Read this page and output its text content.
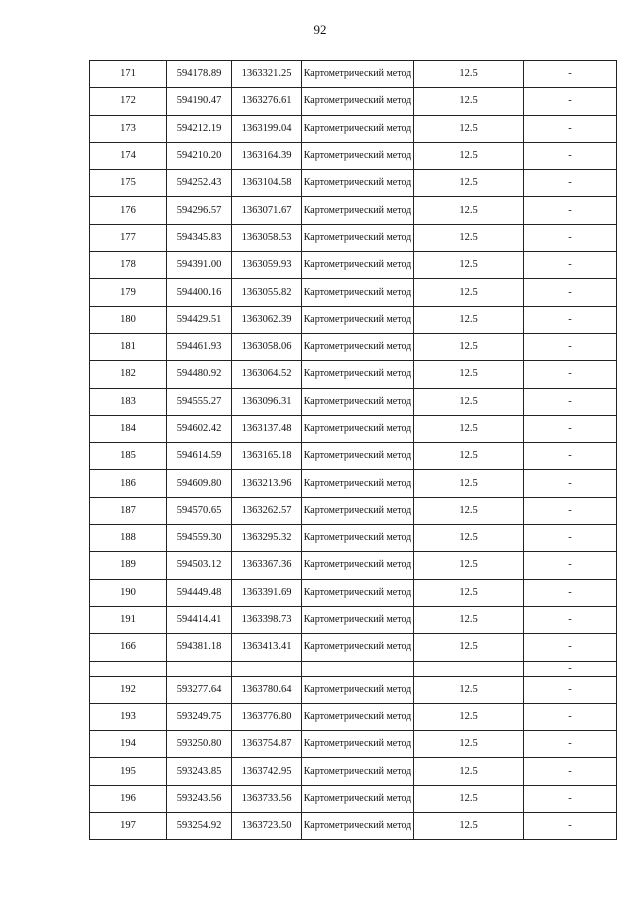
92
171	594178.89	1363321.25	Картометрический метод	12.5	-
172	594190.47	1363276.61	Картометрический метод	12.5	-
173	594212.19	1363199.04	Картометрический метод	12.5	-
174	594210.20	1363164.39	Картометрический метод	12.5	-
175	594252.43	1363104.58	Картометрический метод	12.5	-
176	594296.57	1363071.67	Картометрический метод	12.5	-
177	594345.83	1363058.53	Картометрический метод	12.5	-
178	594391.00	1363059.93	Картометрический метод	12.5	-
179	594400.16	1363055.82	Картометрический метод	12.5	-
180	594429.51	1363062.39	Картометрический метод	12.5	-
181	594461.93	1363058.06	Картометрический метод	12.5	-
182	594480.92	1363064.52	Картометрический метод	12.5	-
183	594555.27	1363096.31	Картометрический метод	12.5	-
184	594602.42	1363137.48	Картометрический метод	12.5	-
185	594614.59	1363165.18	Картометрический метод	12.5	-
186	594609.80	1363213.96	Картометрический метод	12.5	-
187	594570.65	1363262.57	Картометрический метод	12.5	-
188	594559.30	1363295.32	Картометрический метод	12.5	-
189	594503.12	1363367.36	Картометрический метод	12.5	-
190	594449.48	1363391.69	Картометрический метод	12.5	-
191	594414.41	1363398.73	Картометрический метод	12.5	-
166	594381.18	1363413.41	Картометрический метод	12.5	-
					-
192	593277.64	1363780.64	Картометрический метод	12.5	-
193	593249.75	1363776.80	Картометрический метод	12.5	-
194	593250.80	1363754.87	Картометрический метод	12.5	-
195	593243.85	1363742.95	Картометрический метод	12.5	-
196	593243.56	1363733.56	Картометрический метод	12.5	-
197	593254.92	1363723.50	Картометрический метод	12.5	-
